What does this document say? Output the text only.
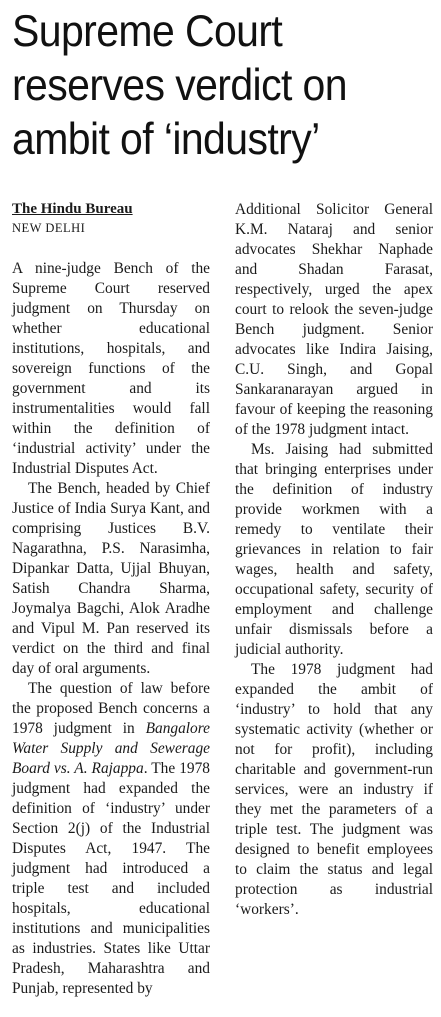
Supreme Court
reserves verdict on
ambit of ‘industry’
The Hindu Bureau
NEW DELHI

A nine-judge Bench of the Supreme Court reserved judgment on Thursday on whether educational institutions, hospitals, and sovereign functions of the government and its instrumentalities would fall within the definition of ‘industrial activity’ under the Industrial Disputes Act.

The Bench, headed by Chief Justice of India Surya Kant, and comprising Justices B.V. Nagarathna, P.S. Narasimha, Dipankar Datta, Ujjal Bhuyan, Satish Chandra Sharma, Joymalya Bagchi, Alok Aradhe and Vipul M. Pan reserved its verdict on the third and final day of oral arguments.

The question of law before the proposed Bench concerns a 1978 judgment in Bangalore Water Supply and Sewerage Board vs. A. Rajappa. The 1978 judgment had expanded the definition of ‘industry’ under Section 2(j) of the Industrial Disputes Act, 1947. The judgment had introduced a triple test and included hospitals, educational institutions and municipalities as industries. States like Uttar Pradesh, Maharashtra and Punjab, represented by

Additional Solicitor General K.M. Nataraj and senior advocates Shekhar Naphade and Shadan Farasat, respectively, urged the apex court to relook the seven-judge Bench judgment. Senior advocates like Indira Jaising, C.U. Singh, and Gopal Sankaranarayan argued in favour of keeping the reasoning of the 1978 judgment intact.

Ms. Jaising had submitted that bringing enterprises under the definition of industry provide workmen with a remedy to ventilate their grievances in relation to fair wages, health and safety, occupational safety, security of employment and challenge unfair dismissals before a judicial authority.

The 1978 judgment had expanded the ambit of ‘industry’ to hold that any systematic activity (whether or not for profit), including charitable and government-run services, were an industry if they met the parameters of a triple test. The judgment was designed to benefit employees to claim the status and legal protection as industrial ‘workers’.
